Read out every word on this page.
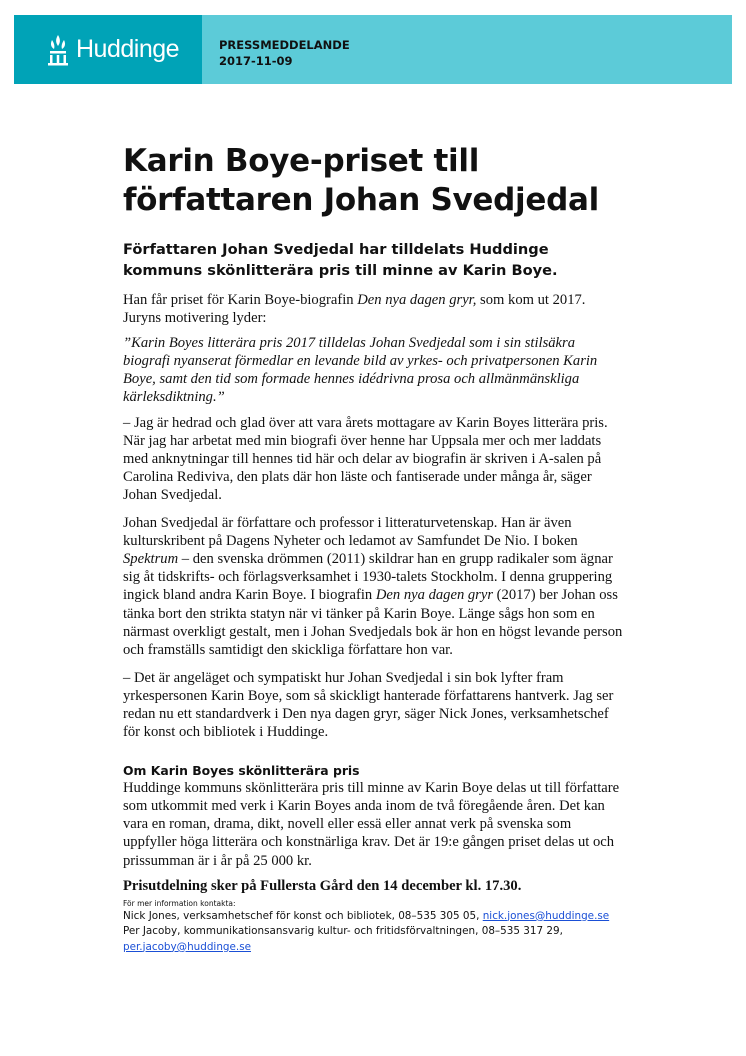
Huddinge	PRESSMEDDELANDE
2017-11-09
Karin Boye-priset till
författaren Johan Svedjedal
Författaren Johan Svedjedal har tilldelats Huddinge kommuns skönlitterära pris till minne av Karin Boye.

Han får priset för Karin Boye-biografin Den nya dagen gryr, som kom ut 2017. Juryns motivering lyder:

”Karin Boyes litterära pris 2017 tilldelas Johan Svedjedal som i sin stilsäkra biografi nyanserat förmedlar en levande bild av yrkes- och privatpersonen Karin Boye, samt den tid som formade hennes idédrivna prosa och allmänmänskliga kärleksdiktning.”

– Jag är hedrad och glad över att vara årets mottagare av Karin Boyes litterära pris. När jag har arbetat med min biografi över henne har Uppsala mer och mer laddats med anknytningar till hennes tid här och delar av biografin är skriven i A-salen på Carolina Rediviva, den plats där hon läste och fantiserade under många år, säger Johan Svedjedal.

Johan Svedjedal är författare och professor i litteraturvetenskap. Han är även kulturskribent på Dagens Nyheter och ledamot av Samfundet De Nio. I boken Spektrum – den svenska drömmen (2011) skildrar han en grupp radikaler som ägnar sig åt tidskrifts- och förlagsverksamhet i 1930-talets Stockholm. I denna gruppering ingick bland andra Karin Boye. I biografin Den nya dagen gryr (2017) ber Johan oss tänka bort den strikta statyn när vi tänker på Karin Boye. Länge sågs hon som en närmast overkligt gestalt, men i Johan Svedjedals bok är hon en högst levande person och framställs samtidigt den skickliga författare hon var.

– Det är angeläget och sympatiskt hur Johan Svedjedal i sin bok lyfter fram yrkespersonen Karin Boye, som så skickligt hanterade författarens hantverk. Jag ser redan nu ett standardverk i Den nya dagen gryr, säger Nick Jones, verksamhetschef för konst och bibliotek i Huddinge.

Om Karin Boyes skönlitterära pris

Huddinge kommuns skönlitterära pris till minne av Karin Boye delas ut till författare som utkommit med verk i Karin Boyes anda inom de två föregående åren. Det kan vara en roman, drama, dikt, novell eller essä eller annat verk på svenska som uppfyller höga litterära och konstnärliga krav. Det är 19:e gången priset delas ut och prissumman är i år på 25 000 kr.

Prisutdelning sker på Fullersta Gård den 14 december kl. 17.30.

För mer information kontakta:

Nick Jones, verksamhetschef för konst och bibliotek, 08–535 305 05, nick.jones@huddinge.se

Per Jacoby, kommunikationsansvarig kultur- och fritidsförvaltningen, 08–535 317 29, per.jacoby@huddinge.se
